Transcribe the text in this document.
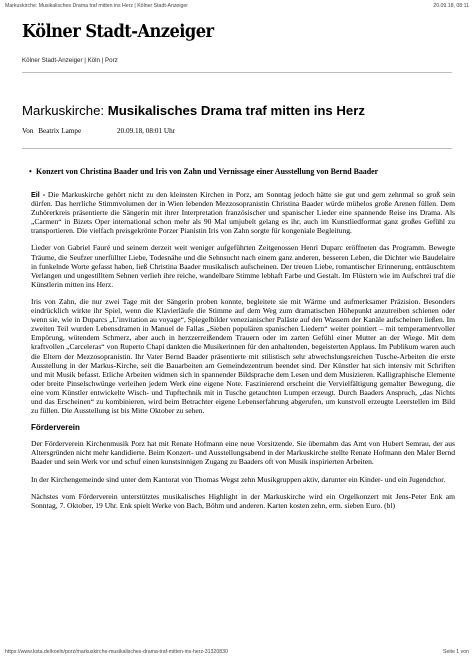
Markuskirche: Musikalisches Drama traf mitten ins Herz | Kölner Stadt-Anzeiger	20.09.18, 08:11
Kölner Stadt-Anzeiger
Kölner Stadt-Anzeiger | Köln | Porz
Markuskirche: Musikalisches Drama traf mitten ins Herz
Von Beatrix Lampe	20.09.18, 08:01 Uhr
• Konzert von Christina Baader und Iris von Zahn und Vernissage einer Ausstellung von Bernd Baader

Eil - Die Markuskirche gehört nicht zu den kleinsten Kirchen in Porz, am Sonntag jedoch hätte sie gut und gern zehnmal so groß sein dürfen. Das herrliche Stimmvolumen der in Wien lebenden Mezzosopranistin Christina Baader würde mühelos große Arenen füllen. Dem Zuhörerkreis präsentierte die Sängerin mit ihrer Interpretation französischer und spanischer Lieder eine spannende Reise ins Drama. Als „Carmen“ in Bizets Oper international schon mehr als 90 Mal umjubelt gelang es ihr, auch im Kunstliedformat ganz großes Gefühl zu transportieren. Die vielfach preisgekrönte Porzer Pianistin Iris von Zahn sorgte für kongeniale Begleitung.

Lieder von Gabriel Fauré und seinem derzeit weit weniger aufgeführten Zeitgenossen Henri Duparc eröffneten das Programm. Bewegte Träume, die Seufzer unerfüllter Liebe, Todesnähe und die Sehnsucht nach einem ganz anderen, besseren Leben, die Dichter wie Baudelaire in funkelnde Worte gefasst haben, ließ Christina Baader musikalisch aufscheinen. Der treuen Liebe, romantischer Erinnerung, enttäuschtem Verlangen und ungestilltem Sehnen verlieh ihre reiche, wandelbare Stimme lebhaft Farbe und Gestalt. Im Flüstern wie im Aufschrei traf die Künstlerin mitten ins Herz.

Iris von Zahn, die nur zwei Tage mit der Sängerin proben konnte, begleitete sie mit Wärme und aufmerksamer Präzision. Besonders eindrücklich wirkte ihr Spiel, wenn die Klavierläufe die Stimme auf dem Weg zum dramatischen Höhepunkt anzutreiben schienen oder wenn sie, wie in Duparcs „L’invitation au voyage“, Spiegelbilder venezianischer Paläste auf den Wassern der Kanäle aufscheinen ließen. Im zweiten Teil wurden Lebensdramen in Manuel de Fallas „Sieben populären spanischen Liedern“ weiter pointiert – mit temperamentvoller Empörung, wütendem Schmerz, aber auch in herzzerreißendem Trauern oder im zarten Gefühl einer Mutter an der Wiege. Mit dem kraftvollen „Carceleras“ von Ruperto Chapí dankten die Musikerinnen für den anhaltenden, begeisterten Applaus. Im Publikum waren auch die Eltern der Mezzosopranistin. Ihr Vater Bernd Baader präsentierte mit stilistisch sehr abwechslungsreichen Tusche-Arbeiten die erste Ausstellung in der Markus-Kirche, seit die Bauarbeiten am Gemeindezentrum beendet sind. Der Künstler hat sich intensiv mit Schriften und mit Musik befasst. Etliche Arbeiten widmen sich in spannender Bildsprache dem Lesen und dem Musizieren. Kalligraphische Elemente oder breite Pinselschwünge verleihen jedem Werk eine eigene Note. Faszinierend erscheint die Vervielfältigung gemalter Bewegung, die eine vom Künstler entwickelte Wisch- und Tupftechnik mit in Tusche getauchten Lumpen erzeugt. Durch Baaders Anspruch, „das Nichts und das Erscheinen“ zu kombinieren, wird beim Betrachter eigene Lebenserfahrung abgerufen, um kunstvoll erzeugte Leerstellen im Bild zu füllen. Die Ausstellung ist bis Mitte Oktober zu sehen.

Förderverein

Der Förderverein Kirchenmusik Porz hat mit Renate Hofmann eine neue Vorsitzende. Sie übernahm das Amt von Hubert Semrau, der aus Altersgründen nicht mehr kandidierte. Beim Konzert- und Ausstellungsabend in der Markuskirche stellte Renate Hofmann den Maler Bernd Baader und sein Werk vor und schuf einen kunstsinnigen Zugang zu Baaders oft von Musik inspirierten Arbeiten.

In der Kirchengemeinde sind unter dem Kantorat von Thomas Wegst zehn Musikgruppen aktiv, darunter ein Kinder- und ein Jugendchor.

Nächstes vom Förderverein unterstütztes musikalisches Highlight in der Markuskirche wird ein Orgelkonzert mit Jens-Peter Enk am Sonntag, 7. Oktober, 19 Uhr. Enk spielt Werke von Bach, Böhm und anderen. Karten kosten zehn, erm. sieben Euro. (bl)

https://www.ksta.de/koeln/porz/markuskirche-musikalisches-drama-traf-mitten-ins-herz-31320830	Seite 1 von
